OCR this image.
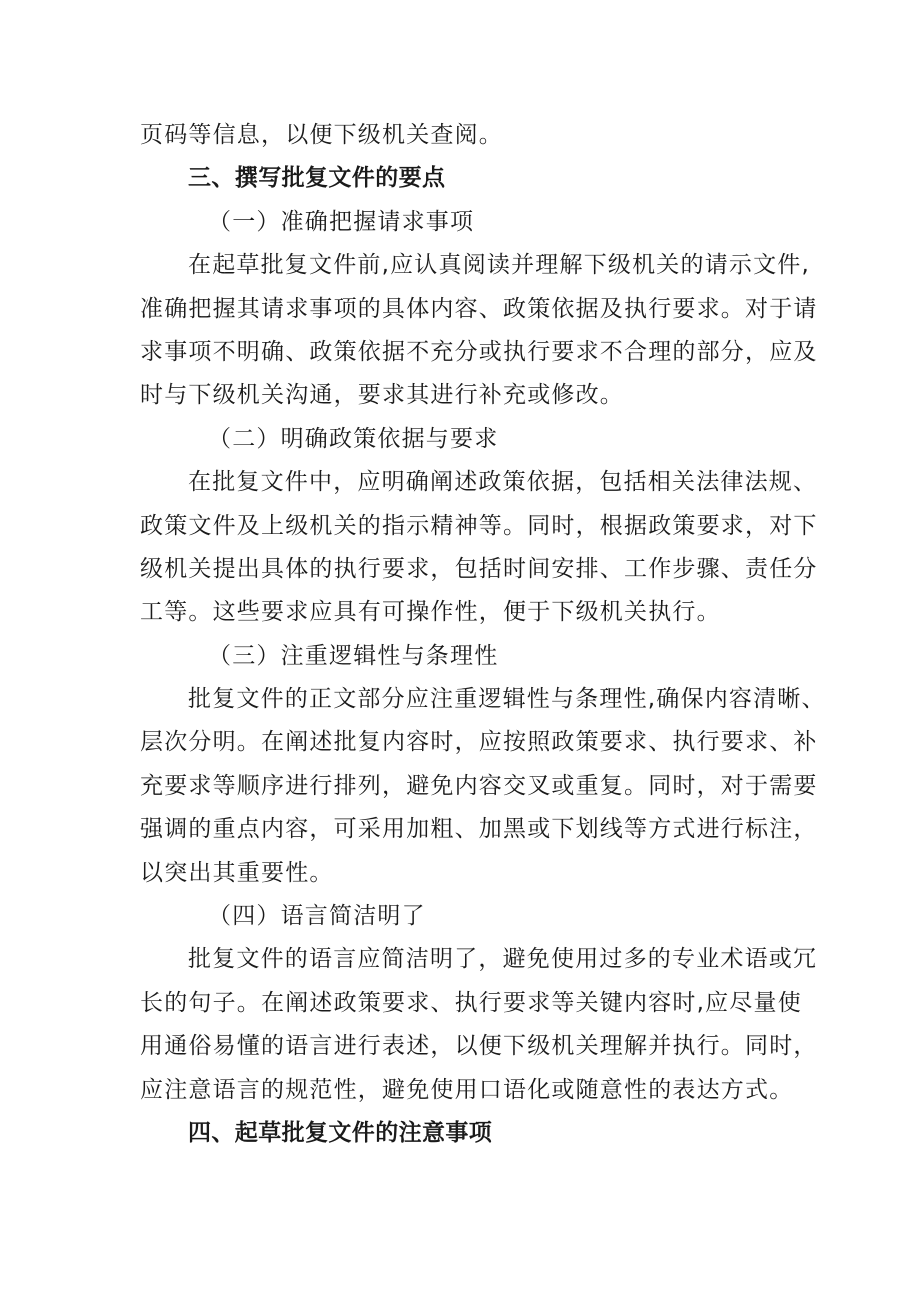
页码等信息，以便下级机关查阅。
三、撰写批复文件的要点
（一）准确把握请求事项
在起草批复文件前,应认真阅读并理解下级机关的请示文件,
准确把握其请求事项的具体内容、政策依据及执行要求。对于请
求事项不明确、政策依据不充分或执行要求不合理的部分，应及
时与下级机关沟通，要求其进行补充或修改。
（二）明确政策依据与要求
在批复文件中，应明确阐述政策依据，包括相关法律法规、
政策文件及上级机关的指示精神等。同时，根据政策要求，对下
级机关提出具体的执行要求，包括时间安排、工作步骤、责任分
工等。这些要求应具有可操作性，便于下级机关执行。
（三）注重逻辑性与条理性
批复文件的正文部分应注重逻辑性与条理性,确保内容清晰、
层次分明。在阐述批复内容时，应按照政策要求、执行要求、补
充要求等顺序进行排列，避免内容交叉或重复。同时，对于需要
强调的重点内容，可采用加粗、加黑或下划线等方式进行标注，
以突出其重要性。
（四）语言简洁明了
批复文件的语言应简洁明了，避免使用过多的专业术语或冗
长的句子。在阐述政策要求、执行要求等关键内容时,应尽量使
用通俗易懂的语言进行表述，以便下级机关理解并执行。同时，
应注意语言的规范性，避免使用口语化或随意性的表达方式。
四、起草批复文件的注意事项
